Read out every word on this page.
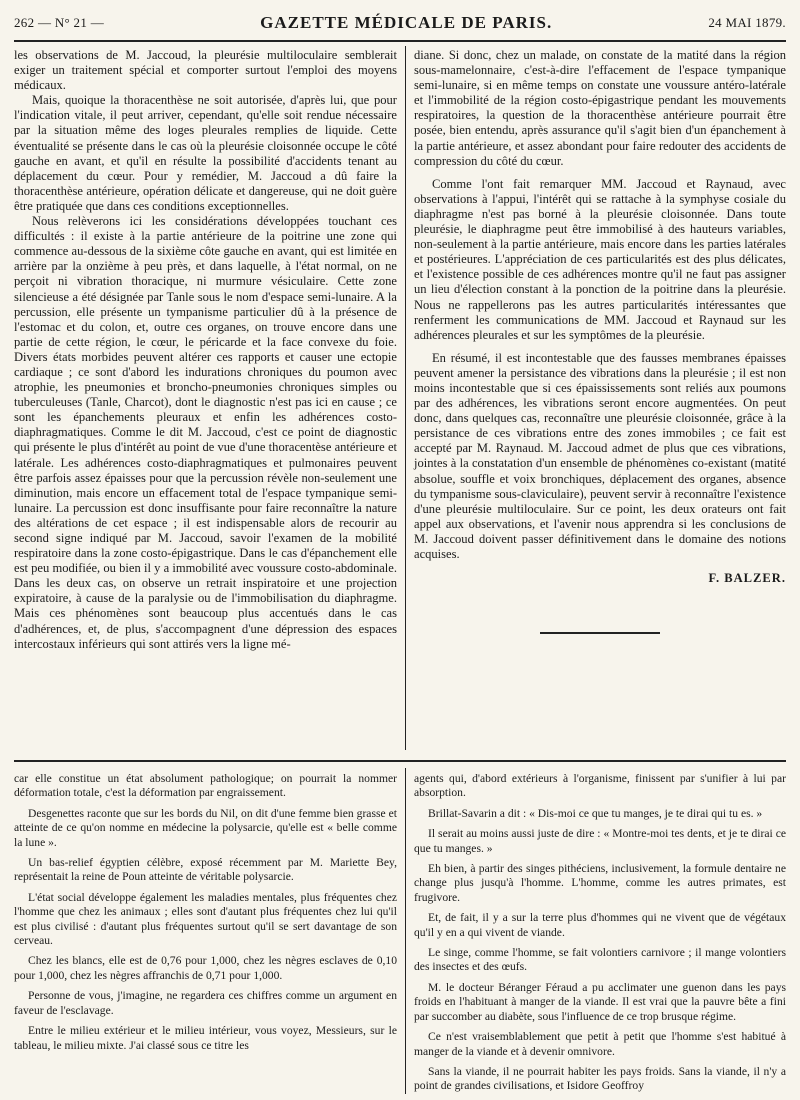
262 — N° 21 —	GAZETTE MÉDICALE DE PARIS.	24 MAI 1879.

les observations de M. Jaccoud, la pleurésie multiloculaire semblerait exiger un traitement spécial et comporter surtout l'emploi des moyens médicaux.

Mais, quoique la thoracenthèse ne soit autorisée, d'après lui, que pour l'indication vitale, il peut arriver, cependant, qu'elle soit rendue nécessaire par la situation même des loges pleurales remplies de liquide. Cette éventualité se présente dans le cas où la pleurésie cloisonnée occupe le côté gauche en avant, et qu'il en résulte la possibilité d'accidents tenant au déplacement du cœur. Pour y remédier, M. Jaccoud a dû faire la thoracenthèse antérieure, opération délicate et dangereuse, qui ne doit guère être pratiquée que dans ces conditions exceptionnelles.

Nous relèverons ici les considérations développées touchant ces difficultés : il existe à la partie antérieure de la poitrine une zone qui commence au-dessous de la sixième côte gauche en avant, qui est limitée en arrière par la onzième à peu près, et dans laquelle, à l'état normal, on ne perçoit ni vibration thoracique, ni murmure vésiculaire. Cette zone silencieuse a été désignée par Tanle sous le nom d'espace semi-lunaire. A la percussion, elle présente un tympanisme particulier dû à la présence de l'estomac et du colon, et, outre ces organes, on trouve encore dans une partie de cette région, le cœur, le péricarde et la face convexe du foie. Divers états morbides peuvent altérer ces rapports et causer une ectopie cardiaque ; ce sont d'abord les indurations chroniques du poumon avec atrophie, les pneumonies et broncho-pneumonies chroniques simples ou tuberculeuses (Tanle, Charcot), dont le diagnostic n'est pas ici en cause ; ce sont les épanchements pleuraux et enfin les adhérences costo-diaphragmatiques. Comme le dit M. Jaccoud, c'est ce point de diagnostic qui présente le plus d'intérêt au point de vue d'une thoracentèse antérieure et latérale. Les adhérences costo-diaphragmatiques et pulmonaires peuvent être parfois assez épaisses pour que la percussion révèle non-seulement une diminution, mais encore un effacement total de l'espace tympanique semi-lunaire. La percussion est donc insuffisante pour faire reconnaître la nature des altérations de cet espace ; il est indispensable alors de recourir au second signe indiqué par M. Jaccoud, savoir l'examen de la mobilité respiratoire dans la zone costo-épigastrique. Dans le cas d'épanchement elle est peu modifiée, ou bien il y a immobilité avec voussure costo-abdominale. Dans les deux cas, on observe un retrait inspiratoire et une projection expiratoire, à cause de la paralysie ou de l'immobilisation du diaphragme. Mais ces phénomènes sont beaucoup plus accentués dans le cas d'adhérences, et, de plus, s'accompagnent d'une dépression des espaces intercostaux inférieurs qui sont attirés vers la ligne mé-

diane. Si donc, chez un malade, on constate de la matité dans la région sous-mamelonnaire, c'est-à-dire l'effacement de l'espace tympanique semi-lunaire, si en même temps on constate une voussure antéro-latérale et l'immobilité de la région costo-épigastrique pendant les mouvements respiratoires, la question de la thoracenthèse antérieure pourrait être posée, bien entendu, après assurance qu'il s'agit bien d'un épanchement à la partie antérieure, et assez abondant pour faire redouter des accidents de compression du côté du cœur.

Comme l'ont fait remarquer MM. Jaccoud et Raynaud, avec observations à l'appui, l'intérêt qui se rattache à la symphyse cosiale du diaphragme n'est pas borné à la pleurésie cloisonnée. Dans toute pleurésie, le diaphragme peut être immobilisé à des hauteurs variables, non-seulement à la partie antérieure, mais encore dans les parties latérales et postérieures. L'appréciation de ces particularités est des plus délicates, et l'existence possible de ces adhérences montre qu'il ne faut pas assigner un lieu d'élection constant à la ponction de la poitrine dans la pleurésie. Nous ne rappellerons pas les autres particularités intéressantes que renferment les communications de MM. Jaccoud et Raynaud sur les adhérences pleurales et sur les symptômes de la pleurésie.

En résumé, il est incontestable que des fausses membranes épaisses peuvent amener la persistance des vibrations dans la pleurésie ; il est non moins incontestable que si ces épaississements sont reliés aux poumons par des adhérences, les vibrations seront encore augmentées. On peut donc, dans quelques cas, reconnaître une pleurésie cloisonnée, grâce à la persistance de ces vibrations entre des zones immobiles ; ce fait est accepté par M. Raynaud. M. Jaccoud admet de plus que ces vibrations, jointes à la constatation d'un ensemble de phénomènes co-existant (matité absolue, souffle et voix bronchiques, déplacement des organes, absence du tympanisme sous-claviculaire), peuvent servir à reconnaître l'existence d'une pleurésie multiloculaire. Sur ce point, les deux orateurs ont fait appel aux observations, et l'avenir nous apprendra si les conclusions de M. Jaccoud doivent passer définitivement dans le domaine des notions acquises.

F. BALZER.

car elle constitue un état absolument pathologique; on pourrait la nommer déformation totale, c'est la déformation par engraissement.

Desgenettes raconte que sur les bords du Nil, on dit d'une femme bien grasse et atteinte de ce qu'on nomme en médecine la polysarcie, qu'elle est « belle comme la lune ».

Un bas-relief égyptien célèbre, exposé récemment par M. Mariette Bey, représentait la reine de Poun atteinte de véritable polysarcie.

L'état social développe également les maladies mentales, plus fréquentes chez l'homme que chez les animaux ; elles sont d'autant plus fréquentes chez lui qu'il est plus civilisé : d'autant plus fréquentes surtout qu'il se sert davantage de son cerveau.

Chez les blancs, elle est de 0,76 pour 1,000, chez les nègres esclaves de 0,10 pour 1,000, chez les nègres affranchis de 0,71 pour 1,000.

Personne de vous, j'imagine, ne regardera ces chiffres comme un argument en faveur de l'esclavage.

Entre le milieu extérieur et le milieu intérieur, vous voyez, Messieurs, sur le tableau, le milieu mixte. J'ai classé sous ce titre les

agents qui, d'abord extérieurs à l'organisme, finissent par s'unifier à lui par absorption.

Brillat-Savarin a dit : « Dis-moi ce que tu manges, je te dirai qui tu es. »

Il serait au moins aussi juste de dire : « Montre-moi tes dents, et je te dirai ce que tu manges. »

Eh bien, à partir des singes pithéciens, inclusivement, la formule dentaire ne change plus jusqu'à l'homme. L'homme, comme les autres primates, est frugivore.

Et, de fait, il y a sur la terre plus d'hommes qui ne vivent que de végétaux qu'il y en a qui vivent de viande.

Le singe, comme l'homme, se fait volontiers carnivore ; il mange volontiers des insectes et des œufs.

M. le docteur Béranger Féraud a pu acclimater une guenon dans les pays froids en l'habituant à manger de la viande. Il est vrai que la pauvre bête a fini par succomber au diabète, sous l'influence de ce trop brusque régime.

Ce n'est vraisemblablement que petit à petit que l'homme s'est habitué à manger de la viande et à devenir omnivore.

Sans la viande, il ne pourrait habiter les pays froids. Sans la viande, il n'y a point de grandes civilisations, et Isidore Geoffroy
